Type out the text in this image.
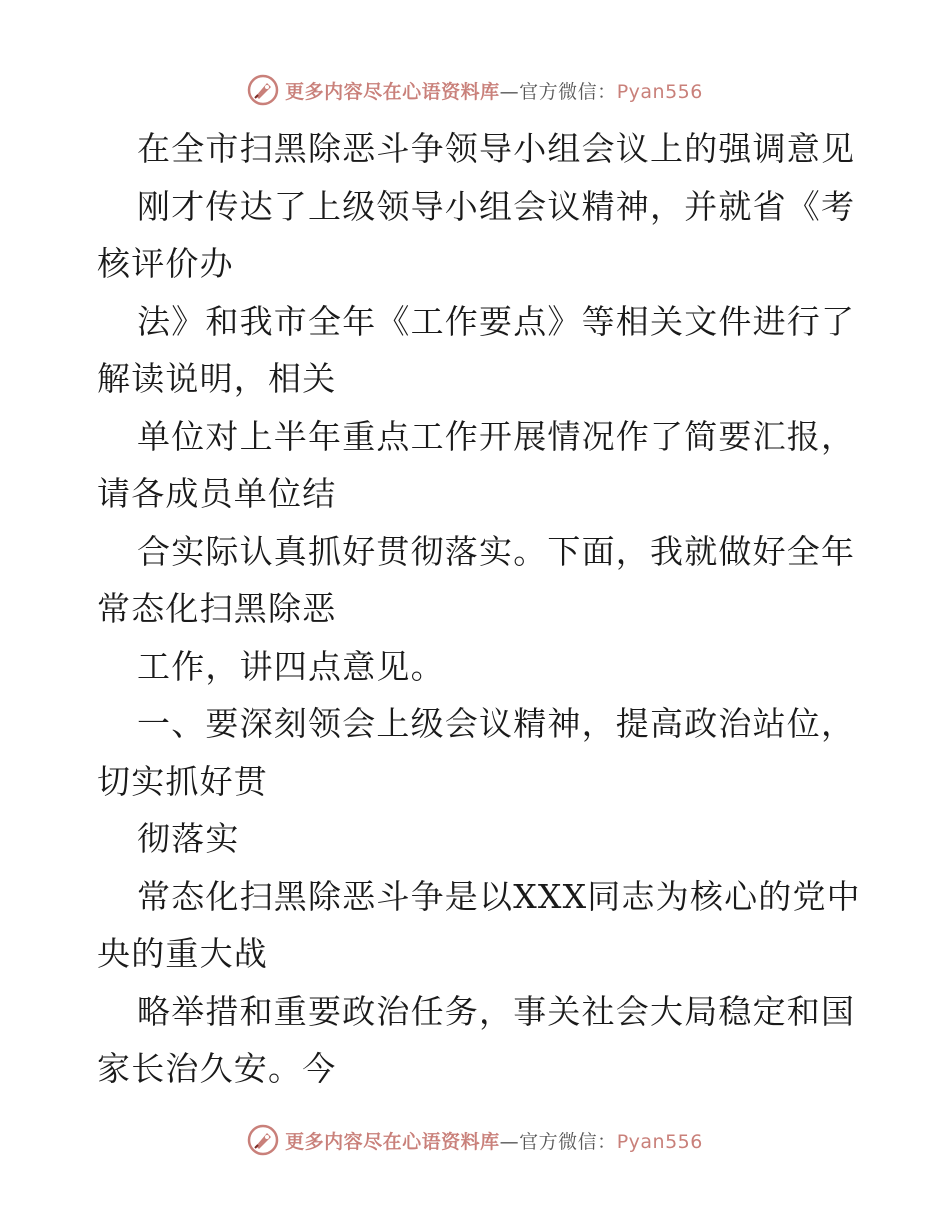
更多内容尽在心语资料库—官方微信：Pyan556
在全市扫黑除恶斗争领导小组会议上的强调意见
刚才传达了上级领导小组会议精神，并就省《考
核评价办
法》和我市全年《工作要点》等相关文件进行了
解读说明，相关
单位对上半年重点工作开展情况作了简要汇报，
请各成员单位结
合实际认真抓好贯彻落实。下面，我就做好全年
常态化扫黑除恶
工作，讲四点意见。
一、要深刻领会上级会议精神，提高政治站位，
切实抓好贯
彻落实
常态化扫黑除恶斗争是以XXX同志为核心的党中
央的重大战
略举措和重要政治任务，事关社会大局稳定和国
家长治久安。今
更多内容尽在心语资料库—官方微信：Pyan556
